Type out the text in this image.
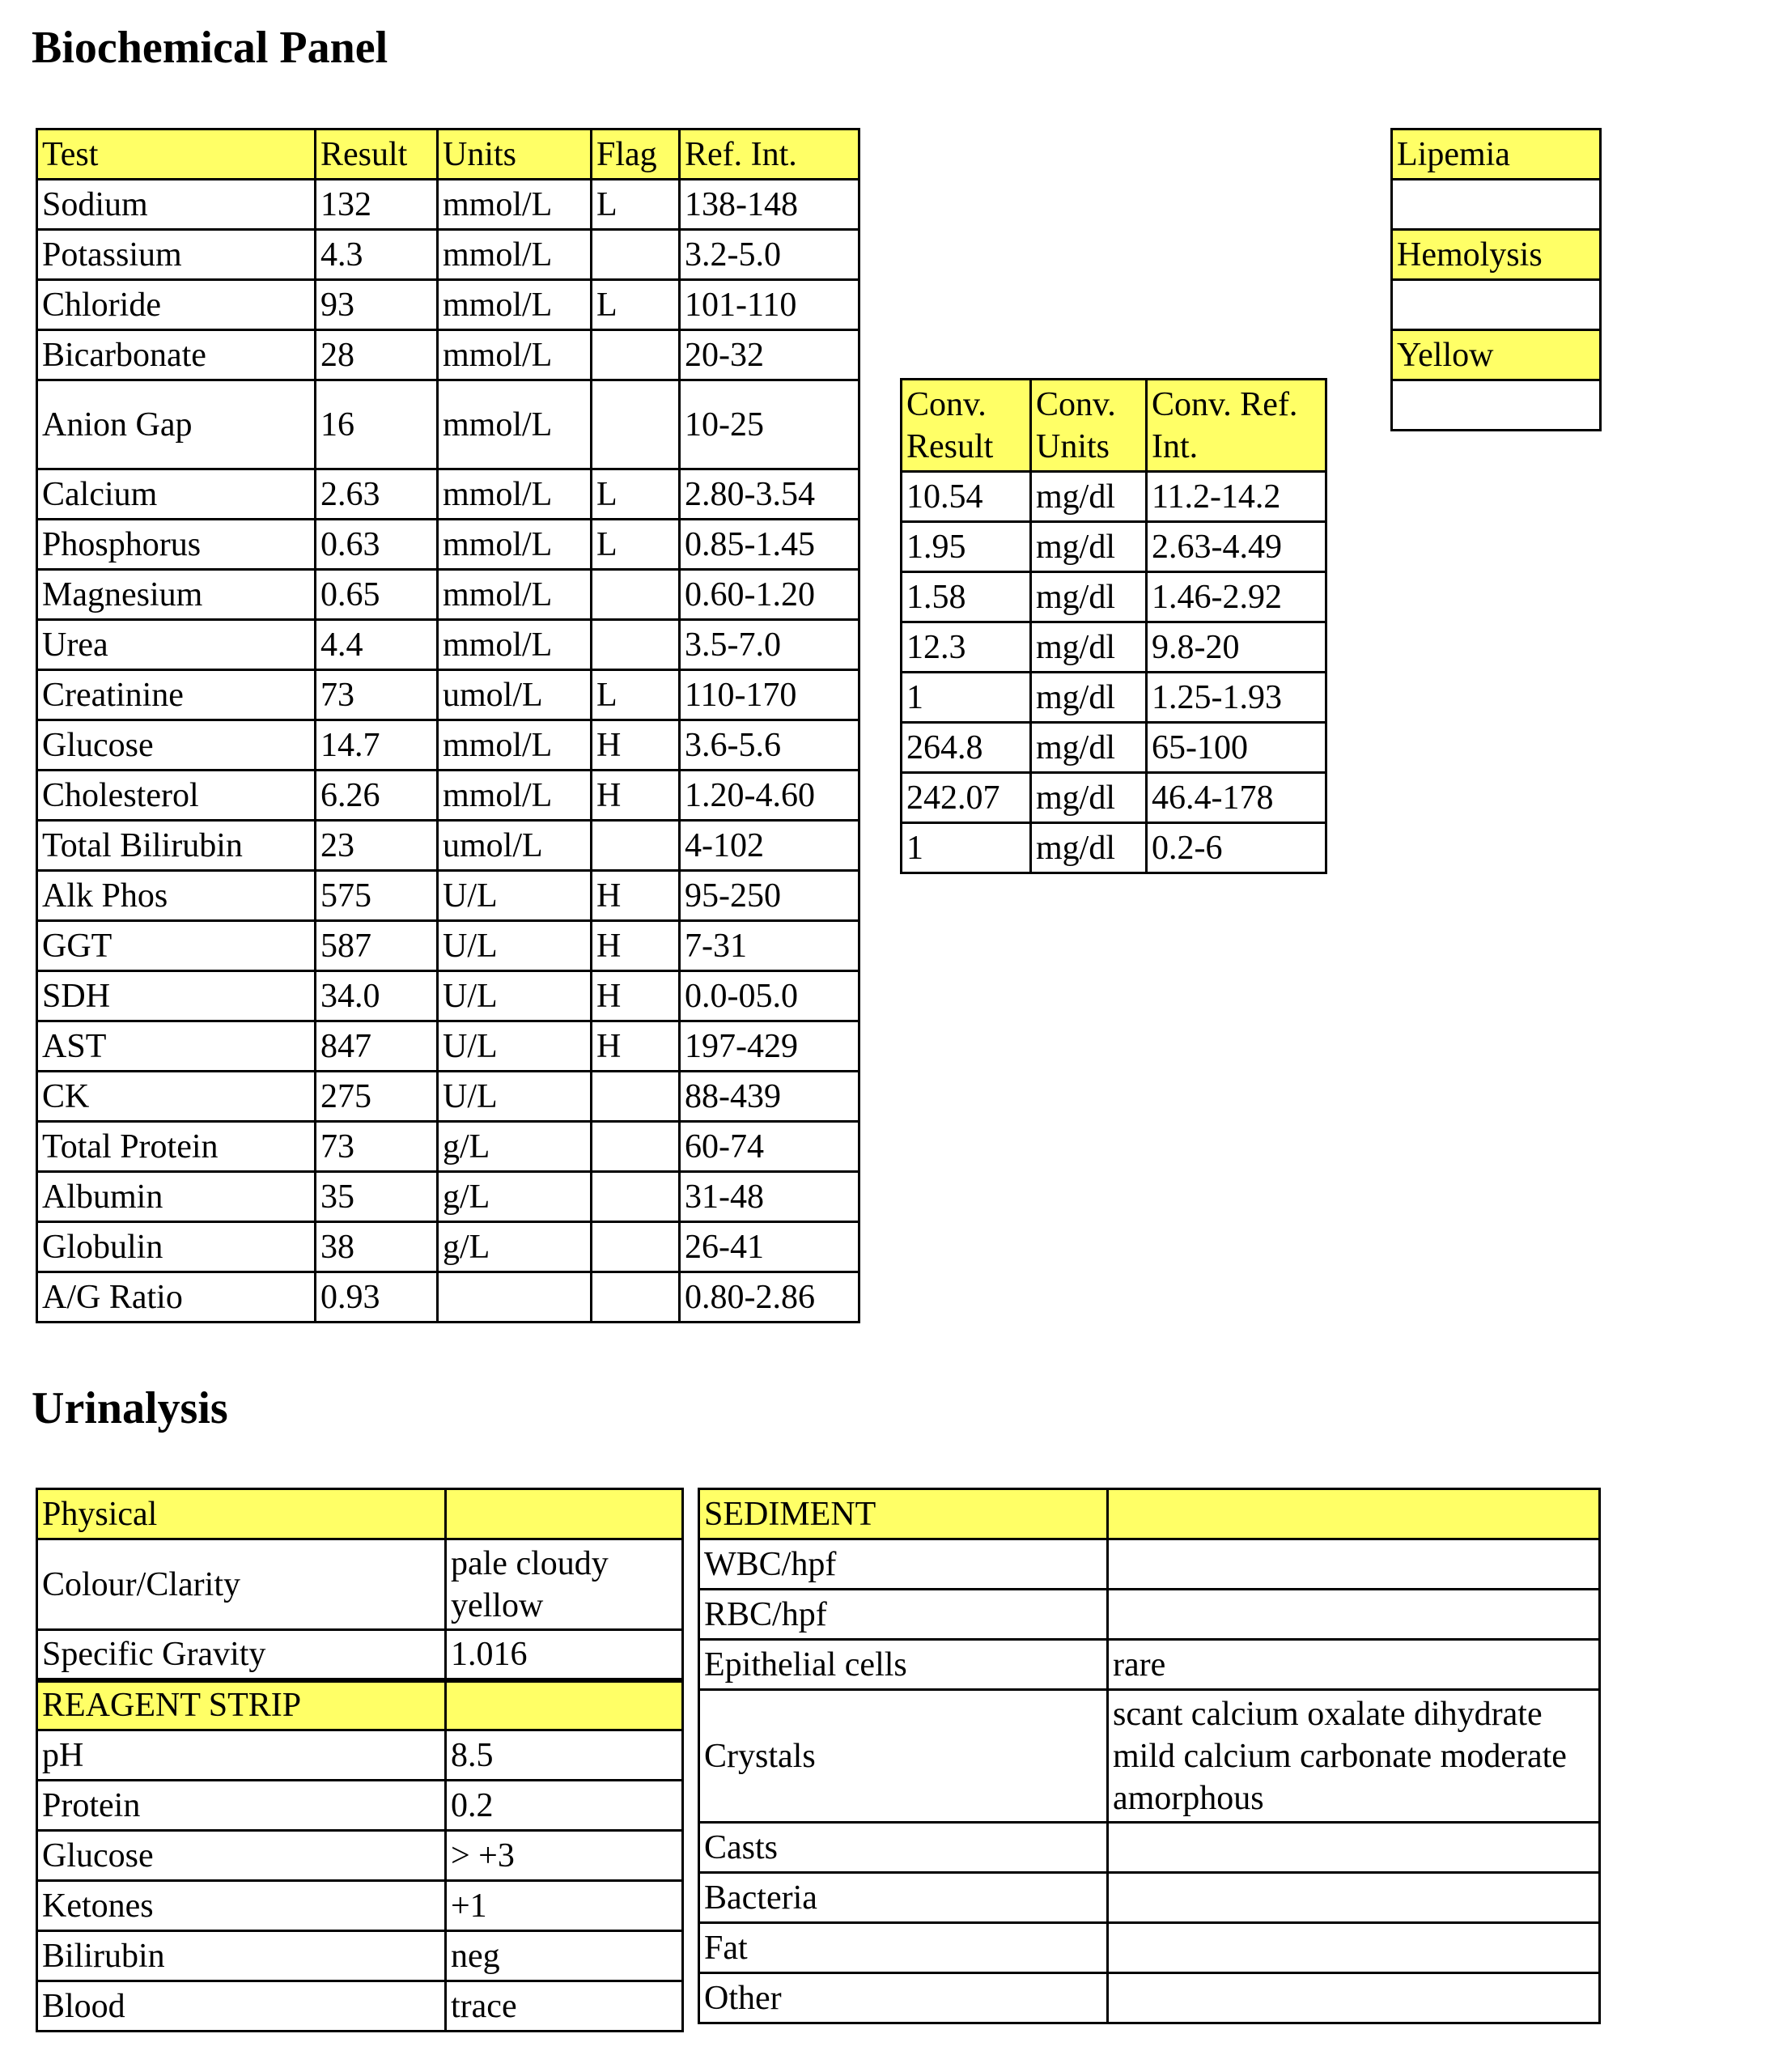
Biochemical Panel
Test	Result	Units	Flag	Ref. Int.
Sodium	132	mmol/L	L	138-148
Potassium	4.3	mmol/L		3.2-5.0
Chloride	93	mmol/L	L	101-110
Bicarbonate	28	mmol/L		20-32
Anion Gap	16	mmol/L		10-25
Calcium	2.63	mmol/L	L	2.80-3.54
Phosphorus	0.63	mmol/L	L	0.85-1.45
Magnesium	0.65	mmol/L		0.60-1.20
Urea	4.4	mmol/L		3.5-7.0
Creatinine	73	umol/L	L	110-170
Glucose	14.7	mmol/L	H	3.6-5.6
Cholesterol	6.26	mmol/L	H	1.20-4.60
Total Bilirubin	23	umol/L		4-102
Alk Phos	575	U/L	H	95-250
GGT	587	U/L	H	7-31
SDH	34.0	U/L	H	0.0-05.0
AST	847	U/L	H	197-429
CK	275	U/L		88-439
Total Protein	73	g/L		60-74
Albumin	35	g/L		31-48
Globulin	38	g/L		26-41
A/G Ratio	0.93			0.80-2.86
Conv. Result	Conv. Units	Conv. Ref. Int.
10.54	mg/dl	11.2-14.2
1.95	mg/dl	2.63-4.49
1.58	mg/dl	1.46-2.92
12.3	mg/dl	9.8-20
1	mg/dl	1.25-1.93
264.8	mg/dl	65-100
242.07	mg/dl	46.4-178
1	mg/dl	0.2-6
Lipemia

Hemolysis

Yellow

Urinalysis
Physical	
Colour/Clarity	pale cloudy yellow
Specific Gravity	1.016
REAGENT STRIP	
pH	8.5
Protein	0.2
Glucose	> +3
Ketones	+1
Bilirubin	neg
Blood	trace
SEDIMENT	
WBC/hpf	
RBC/hpf	
Epithelial cells	rare
Crystals	scant calcium oxalate dihydrate mild calcium carbonate moderate amorphous
Casts	
Bacteria	
Fat	
Other	
